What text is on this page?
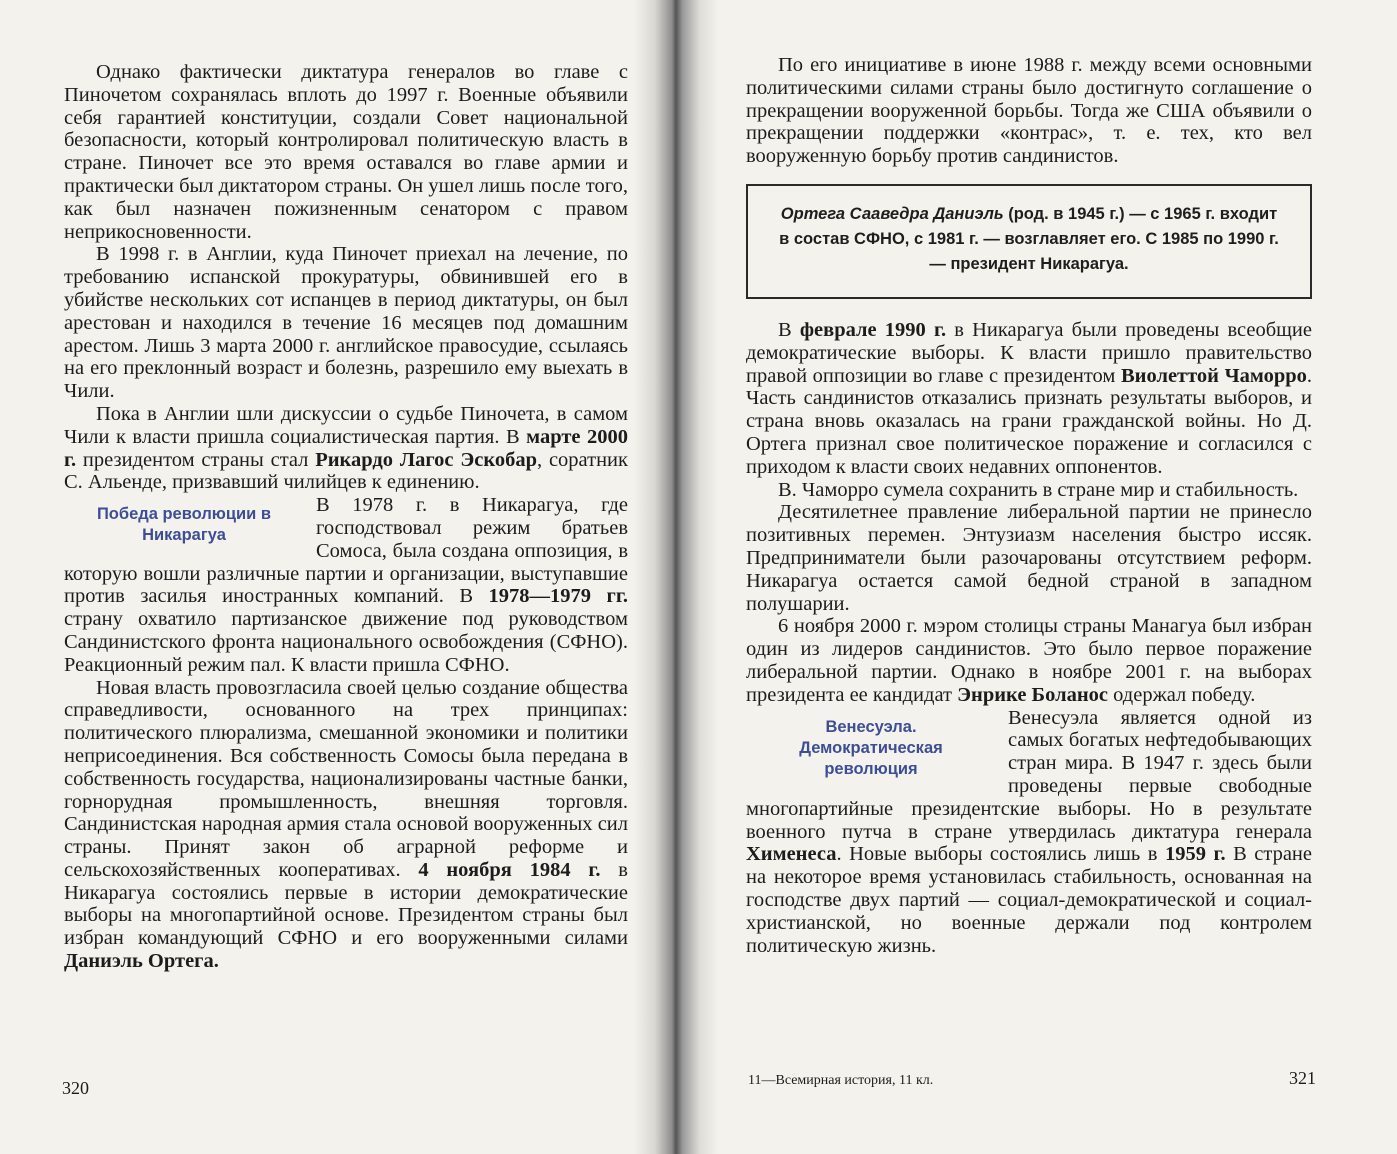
Однако фактически диктатура генералов во главе с Пиночетом сохранялась вплоть до 1997 г. Военные объявили себя гарантией конституции, создали Совет национальной безопасности, который контролировал политическую власть в стране. Пиночет все это время оставался во главе армии и практически был диктатором страны. Он ушел лишь после того, как был назначен пожизненным сенатором с правом неприкосновенности.

В 1998 г. в Англии, куда Пиночет приехал на лечение, по требованию испанской прокуратуры, обвинившей его в убийстве нескольких сот испанцев в период диктатуры, он был арестован и находился в течение 16 месяцев под домашним арестом. Лишь 3 марта 2000 г. английское правосудие, ссылаясь на его преклонный возраст и болезнь, разрешило ему выехать в Чили.

Пока в Англии шли дискуссии о судьбе Пиночета, в самом Чили к власти пришла социалистическая партия. В марте 2000 г. президентом страны стал Рикардо Лагос Эскобар, соратник С. Альенде, призвавший чилийцев к единению.

Победа революции в
Никарагуа

В 1978 г. в Никарагуа, где господствовал режим братьев Сомоса, была создана оппозиция, в которую вошли различные партии и организации, выступавшие против засилья иностранных компаний. В 1978—1979 гг. страну охватило партизанское движение под руководством Сандинистского фронта национального освобождения (СФНО). Реакционный режим пал. К власти пришла СФНО.

Новая власть провозгласила своей целью создание общества справедливости, основанного на трех принципах: политического плюрализма, смешанной экономики и политики неприсоединения. Вся собственность Сомосы была передана в собственность государства, национализированы частные банки, горнорудная промышленность, внешняя торговля. Сандинистская народная армия стала основой вооруженных сил страны. Принят закон об аграрной реформе и сельскохозяйственных кооперативах. 4 ноября 1984 г. в Никарагуа состоялись первые в истории демократические выборы на многопартийной основе. Президентом страны был избран командующий СФНО и его вооруженными силами Даниэль Ортега.

320

По его инициативе в июне 1988 г. между всеми основными политическими силами страны было достигнуто соглашение о прекращении вооруженной борьбы. Тогда же США объявили о прекращении поддержки «контрас», т. е. тех, кто вел вооруженную борьбу против сандинистов.

Ортега Сааведра Даниэль (род. в 1945 г.) — с 1965 г. входит в состав СФНО, с 1981 г. — возглавляет его. С 1985 по 1990 г. — президент Никарагуа.

В феврале 1990 г. в Никарагуа были проведены всеобщие демократические выборы. К власти пришло правительство правой оппозиции во главе с президентом Виолеттой Чаморро. Часть сандинистов отказались признать результаты выборов, и страна вновь оказалась на грани гражданской войны. Но Д. Ортега признал свое политическое поражение и согласился с приходом к власти своих недавних оппонентов.

В. Чаморро сумела сохранить в стране мир и стабильность.

Десятилетнее правление либеральной партии не принесло позитивных перемен. Энтузиазм населения быстро иссяк. Предприниматели были разочарованы отсутствием реформ. Никарагуа остается самой бедной страной в западном полушарии.

6 ноября 2000 г. мэром столицы страны Манагуа был избран один из лидеров сандинистов. Это было первое поражение либеральной партии. Однако в ноябре 2001 г. на выборах президента ее кандидат Энрике Боланос одержал победу.

Венесуэла.
Демократическая
революция

Венесуэла является одной из самых богатых нефтедобывающих стран мира. В 1947 г. здесь были проведены первые свободные многопартийные президентские выборы. Но в результате военного путча в стране утвердилась диктатура генерала Хименеса. Новые выборы состоялись лишь в 1959 г. В стране на некоторое время установилась стабильность, основанная на господстве двух партий — социал-демократической и социал-христианской, но военные держали под контролем политическую жизнь.

11—Всемирная история, 11 кл.	321
